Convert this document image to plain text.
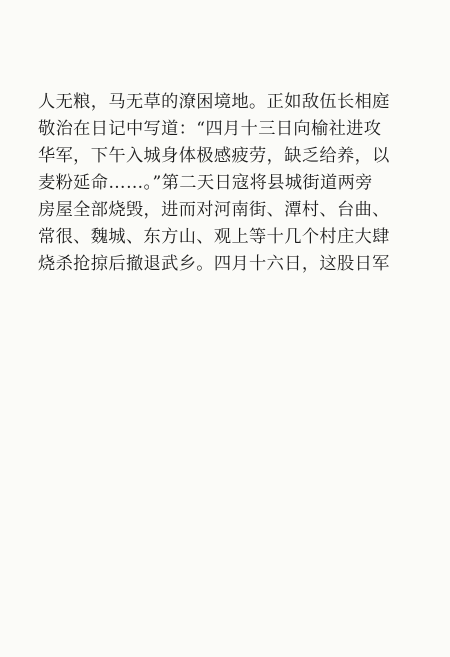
人无粮，马无草的潦困境地。正如敌伍长相庭
敬治在日记中写道：“四月十三日向榆社进攻
华军，下午入城身体极感疲劳，缺乏给养，以
麦粉延命……。”第二天日寇将县城街道两旁
房屋全部烧毁，进而对河南街、潭村、台曲、
常很、魏城、东方山、观上等十几个村庄大肆
烧杀抢掠后撤退武乡。四月十六日，这股日军
